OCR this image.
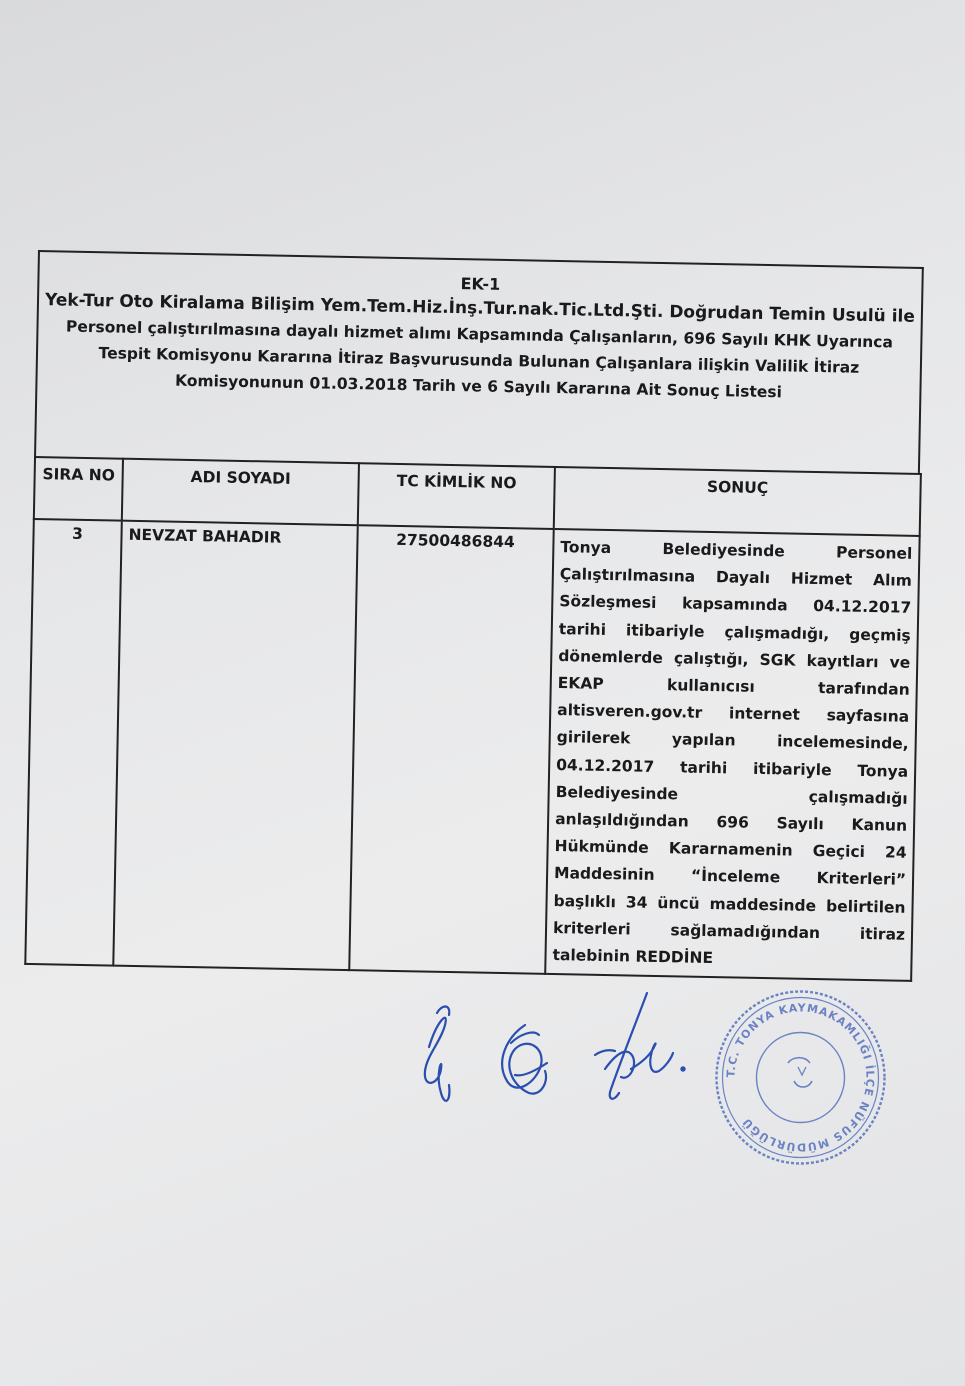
EK-1
Yek-Tur Oto Kiralama Bilişim Yem.Tem.Hiz.İnş.Tur.nak.Tic.Ltd.Şti. Doğrudan Temin Usulü ile
Personel çalıştırılmasına dayalı hizmet alımı Kapsamında Çalışanların, 696 Sayılı KHK Uyarınca
Tespit Komisyonu Kararına İtiraz Başvurusunda Bulunan Çalışanlara ilişkin Valilik İtiraz
Komisyonunun 01.03.2018 Tarih ve 6 Sayılı Kararına Ait Sonuç Listesi
SIRA NO	ADI SOYADI	TC KİMLİK NO	SONUÇ
3	NEVZAT BAHADIR	27500486844	Tonya Belediyesinde Personel Çalıştırılmasına Dayalı Hizmet Alım Sözleşmesi kapsamında 04.12.2017 tarihi itibariyle çalışmadığı, geçmiş dönemlerde çalıştığı, SGK kayıtları ve EKAP kullanıcısı tarafından altisveren.gov.tr internet sayfasına girilerek yapılan incelemesinde, 04.12.2017 tarihi itibariyle Tonya Belediyesinde çalışmadığı anlaşıldığından 696 Sayılı Kanun Hükmünde Kararnamenin Geçici 24 Maddesinin “İnceleme Kriterleri” başlıklı 34 üncü maddesinde belirtilen kriterleri sağlamadığından itiraz talebinin REDDİNE
T.C. TONYA KAYMAKAMLIĞI İLÇE NÜFUS MÜDÜRLÜĞÜ
